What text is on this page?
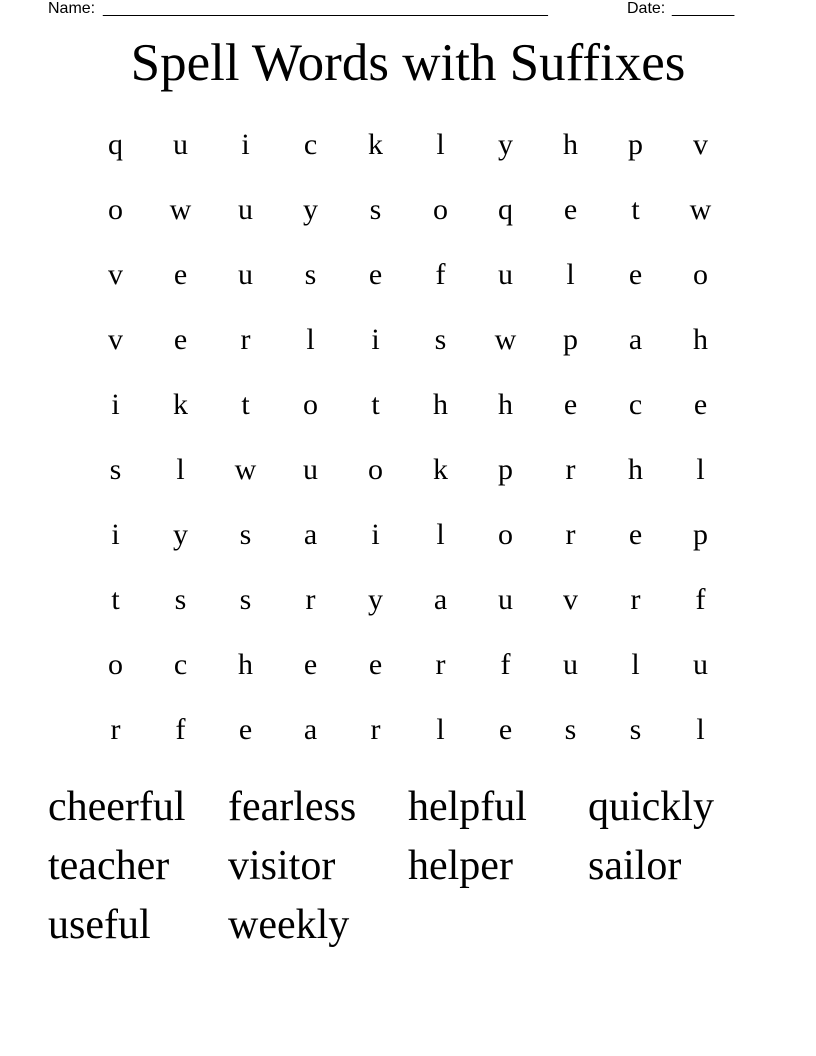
Name: __________________________________________________	Date: _______
Spell Words with Suffixes
q	u	i	c	k	l	y	h	p	v
o	w	u	y	s	o	q	e	t	w
v	e	u	s	e	f	u	l	e	o
v	e	r	l	i	s	w	p	a	h
i	k	t	o	t	h	h	e	c	e
s	l	w	u	o	k	p	r	h	l
i	y	s	a	i	l	o	r	e	p
t	s	s	r	y	a	u	v	r	f
o	c	h	e	e	r	f	u	l	u
r	f	e	a	r	l	e	s	s	l
cheerful	fearless	helpful	quickly
teacher	visitor	helper	sailor
useful	weekly
